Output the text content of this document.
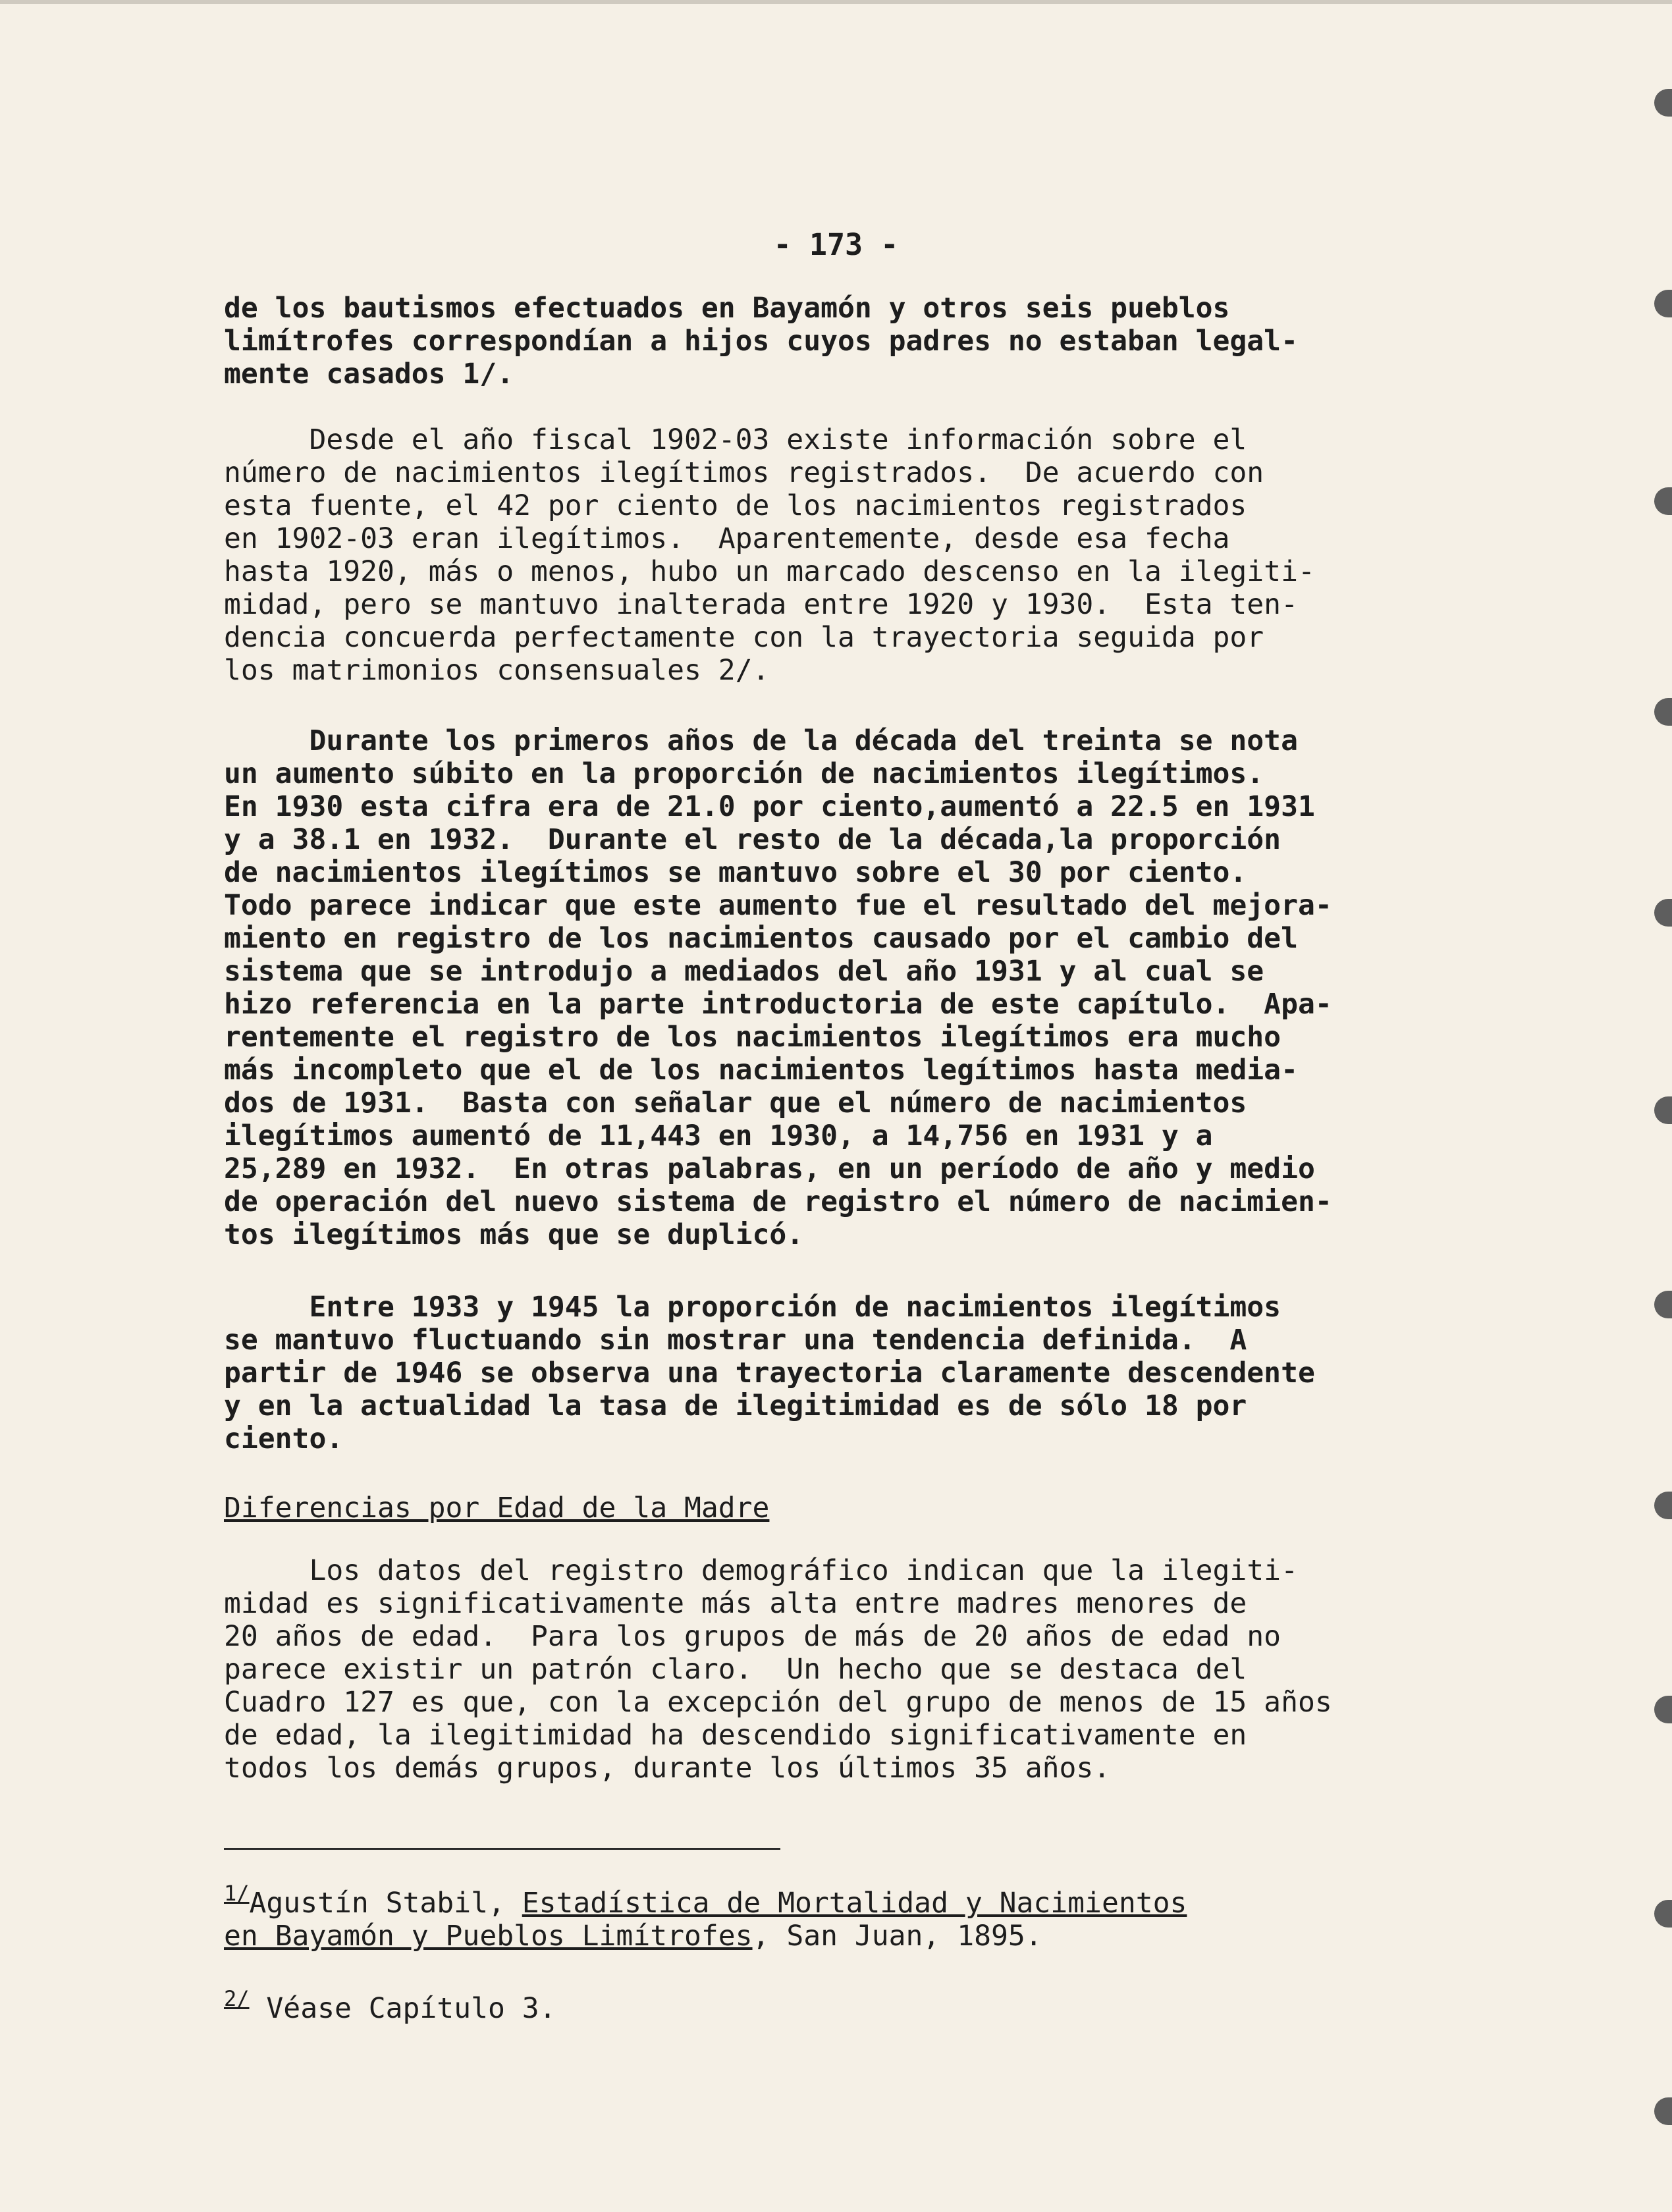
- 173 -
de los bautismos efectuados en Bayamón y otros seis pueblos
limítrofes correspondían a hijos cuyos padres no estaban legal-
mente casados 1/.
Desde el año fiscal 1902-03 existe información sobre el
número de nacimientos ilegítimos registrados.  De acuerdo con
esta fuente, el 42 por ciento de los nacimientos registrados
en 1902-03 eran ilegítimos.  Aparentemente, desde esa fecha
hasta 1920, más o menos, hubo un marcado descenso en la ilegiti-
midad, pero se mantuvo inalterada entre 1920 y 1930.  Esta ten-
dencia concuerda perfectamente con la trayectoria seguida por
los matrimonios consensuales 2/.
Durante los primeros años de la década del treinta se nota
un aumento súbito en la proporción de nacimientos ilegítimos.
En 1930 esta cifra era de 21.0 por ciento,aumentó a 22.5 en 1931
y a 38.1 en 1932.  Durante el resto de la década,la proporción
de nacimientos ilegítimos se mantuvo sobre el 30 por ciento.
Todo parece indicar que este aumento fue el resultado del mejora-
miento en registro de los nacimientos causado por el cambio del
sistema que se introdujo a mediados del año 1931 y al cual se
hizo referencia en la parte introductoria de este capítulo.  Apa-
rentemente el registro de los nacimientos ilegítimos era mucho
más incompleto que el de los nacimientos legítimos hasta media-
dos de 1931.  Basta con señalar que el número de nacimientos
ilegítimos aumentó de 11,443 en 1930, a 14,756 en 1931 y a
25,289 en 1932.  En otras palabras, en un período de año y medio
de operación del nuevo sistema de registro el número de nacimien-
tos ilegítimos más que se duplicó.
Entre 1933 y 1945 la proporción de nacimientos ilegítimos
se mantuvo fluctuando sin mostrar una tendencia definida.  A
partir de 1946 se observa una trayectoria claramente descendente
y en la actualidad la tasa de ilegitimidad es de sólo 18 por
ciento.
Diferencias por Edad de la Madre
Los datos del registro demográfico indican que la ilegiti-
midad es significativamente más alta entre madres menores de
20 años de edad.  Para los grupos de más de 20 años de edad no
parece existir un patrón claro.  Un hecho que se destaca del
Cuadro 127 es que, con la excepción del grupo de menos de 15 años
de edad, la ilegitimidad ha descendido significativamente en
todos los demás grupos, durante los últimos 35 años.
$^{1/}$Agustín Stabil, Estadística de Mortalidad y Nacimientos
en Bayamón y Pueblos Limítrofes, San Juan, 1895.
$^{2/}$ Véase Capítulo 3.
